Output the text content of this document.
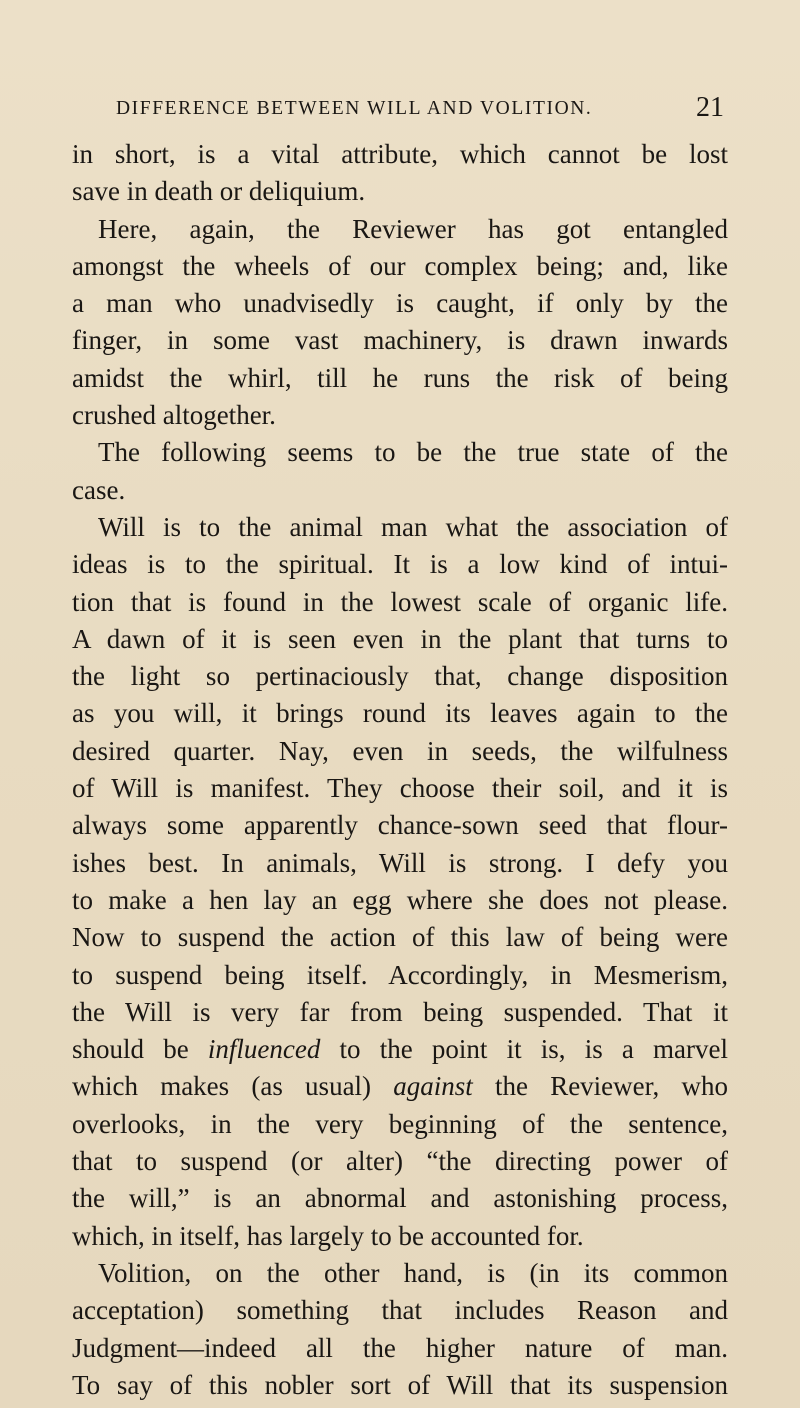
DIFFERENCE BETWEEN WILL AND VOLITION.	21
in short, is a vital attribute, which cannot be lost
save in death or deliquium.
Here, again, the Reviewer has got entangled
amongst the wheels of our complex being; and, like
a man who unadvisedly is caught, if only by the
finger, in some vast machinery, is drawn inwards
amidst the whirl, till he runs the risk of being
crushed altogether.
The following seems to be the true state of the
case.
Will is to the animal man what the association of
ideas is to the spiritual. It is a low kind of intui-
tion that is found in the lowest scale of organic life.
A dawn of it is seen even in the plant that turns to
the light so pertinaciously that, change disposition
as you will, it brings round its leaves again to the
desired quarter. Nay, even in seeds, the wilfulness
of Will is manifest. They choose their soil, and it is
always some apparently chance-sown seed that flour-
ishes best. In animals, Will is strong. I defy you
to make a hen lay an egg where she does not please.
Now to suspend the action of this law of being were
to suspend being itself. Accordingly, in Mesmerism,
the Will is very far from being suspended. That it
should be influenced to the point it is, is a marvel
which makes (as usual) against the Reviewer, who
overlooks, in the very beginning of the sentence,
that to suspend (or alter) “the directing power of
the will,” is an abnormal and astonishing process,
which, in itself, has largely to be accounted for.
Volition, on the other hand, is (in its common
acceptation) something that includes Reason and
Judgment—indeed all the higher nature of man.
To say of this nobler sort of Will that its suspension
